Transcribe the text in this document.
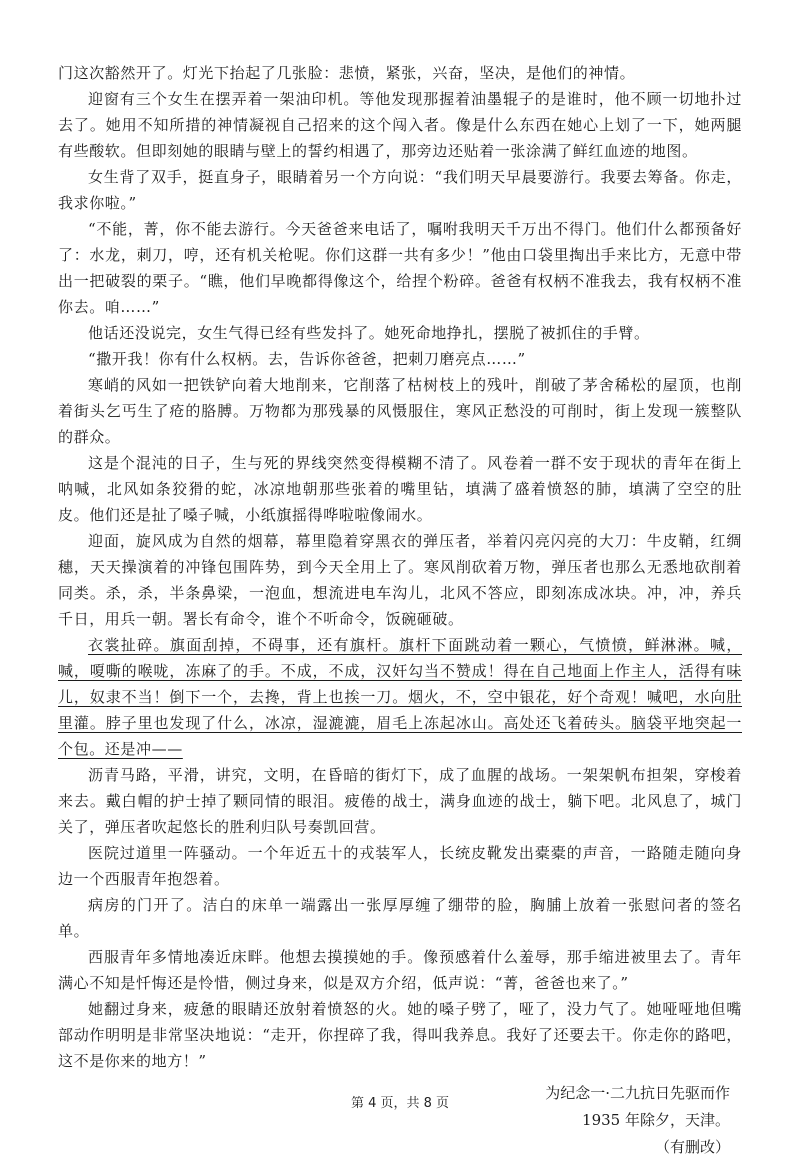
门这次豁然开了。灯光下抬起了几张脸：悲愤，紧张，兴奋，坚决，是他们的神情。

迎窗有三个女生在摆弄着一架油印机。等他发现那握着油墨辊子的是谁时，他不顾一切地扑过去了。她用不知所措的神情凝视自己招来的这个闯入者。像是什么东西在她心上划了一下，她两腿有些酸软。但即刻她的眼睛与壁上的誓约相遇了，那旁边还贴着一张涂满了鲜红血迹的地图。

女生背了双手，挺直身子，眼睛着另一个方向说：“我们明天早晨要游行。我要去筹备。你走，我求你啦。”

“不能，菁，你不能去游行。今天爸爸来电话了，嘱咐我明天千万出不得门。他们什么都预备好了：水龙，刺刀，哼，还有机关枪呢。你们这群一共有多少！”他由口袋里掏出手来比方，无意中带出一把破裂的栗子。“瞧，他们早晚都得像这个，给捏个粉碎。爸爸有权柄不准我去，我有权柄不准你去。咱……”

他话还没说完，女生气得已经有些发抖了。她死命地挣扎，摆脱了被抓住的手臂。

“撒开我！你有什么权柄。去，告诉你爸爸，把刺刀磨亮点……”

寒峭的风如一把铁铲向着大地削来，它削落了枯树枝上的残叶，削破了茅舍稀松的屋顶，也削着街头乞丐生了疮的胳膊。万物都为那残暴的风慑服住，寒风正愁没的可削时，街上发现一簇整队的群众。

这是个混沌的日子，生与死的界线突然变得模糊不清了。风卷着一群不安于现状的青年在街上呐喊，北风如条狡猾的蛇，冰凉地朝那些张着的嘴里钻，填满了盛着愤怒的肺，填满了空空的肚皮。他们还是扯了嗓子喊，小纸旗摇得哗啦啦像闹水。

迎面，旋风成为自然的烟幕，幕里隐着穿黑衣的弹压者，举着闪亮闪亮的大刀：牛皮鞘，红绸穗，天天操演着的冲锋包围阵势，到今天全用上了。寒风削砍着万物，弹压者也那么无悉地砍削着同类。杀，杀，半条鼻梁，一泡血，想流进电车沟儿，北风不答应，即刻冻成冰块。冲，冲，养兵千日，用兵一朝。署长有命令，谁个不听命令，饭碗砸破。

衣裳扯碎。旗面刮掉，不碍事，还有旗杆。旗杆下面跳动着一颗心，气愤愤，鲜淋淋。喊，喊，嗄嘶的喉咙，冻麻了的手。不成，不成，汉奸勾当不赞成！得在自己地面上作主人，活得有味儿，奴隶不当！倒下一个，去搀，背上也挨一刀。烟火，不，空中银花，好个奇观！喊吧，水向肚里灌。脖子里也发现了什么，冰凉，湿漉漉，眉毛上冻起冰山。高处还飞着砖头。脑袋平地突起一个包。还是冲——

沥青马路，平滑，讲究，文明，在昏暗的街灯下，成了血腥的战场。一架架帆布担架，穿梭着来去。戴白帽的护士掉了颗同情的眼泪。疲倦的战士，满身血迹的战士，躺下吧。北风息了，城门关了，弹压者吹起悠长的胜利归队号奏凯回营。

医院过道里一阵骚动。一个年近五十的戎装军人，长统皮靴发出橐橐的声音，一路随走随向身边一个西服青年抱怨着。

病房的门开了。洁白的床单一端露出一张厚厚缠了绷带的脸，胸脯上放着一张慰问者的签名单。

西服青年多情地凑近床畔。他想去摸摸她的手。像预感着什么羞辱，那手缩进被里去了。青年满心不知是忏悔还是怜惜，侧过身来，似是双方介绍，低声说：“菁，爸爸也来了。”

她翻过身来，疲惫的眼睛还放射着愤怒的火。她的嗓子劈了，哑了，没力气了。她哑哑地但嘴部动作明明是非常坚决地说：“走开，你捏碎了我，得叫我养息。我好了还要去干。你走你的路吧，这不是你来的地方！”

为纪念一·二九抗日先驱而作
1935 年除夕，天津。
（有删改）
第 4 页，共 8 页
